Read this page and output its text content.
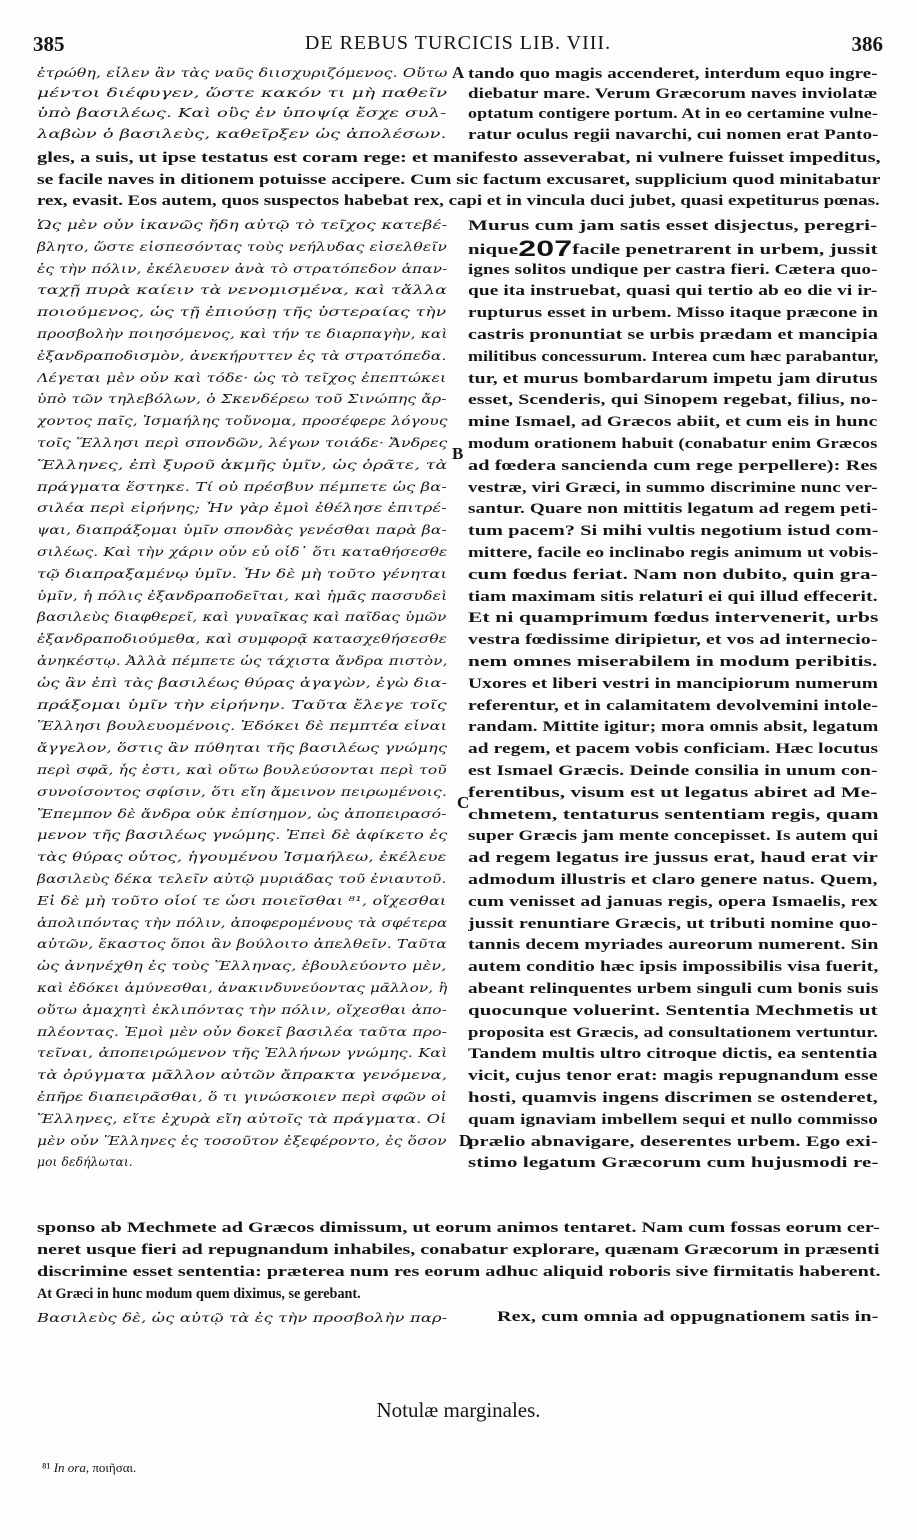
385	DE REBUS TURCICIS LIB. VIII.	386
ἐτρώθη, εἶλεν ἂν τὰς ναῦς διισχυριζόμενος. Οὕτω
μέντοι διέφυγεν, ὥστε κακόν τι μὴ παθεῖν
ὑπὸ βασιλέως. Καὶ οὓς ἐν ὑποψίᾳ ἔσχε συλ-
λαβὼν ὁ βασιλεὺς, καθεῖρξεν ὡς ἀπολέσων.
tando quo magis accenderet, interdum equo ingre-
diebatur mare. Verum Græcorum naves inviolatæ
optatum contigere portum. At in eo certamine vulne-
ratur oculus regii navarchi, cui nomen erat Panto-
gles, a suis, ut ipse testatus est coram rege: et manifesto asseverabat, ni vulnere fuisset impeditus,
se facile naves in ditionem potuisse accipere. Cum sic factum excusaret, supplicium quod minitabatur
rex, evasit. Eos autem, quos suspectos habebat rex, capi et in vincula duci jubet, quasi expetiturus pœnas.
Ὡς μὲν οὖν ἱκανῶς ἤδη αὐτῷ τὸ τεῖχος κατεβέ-
βλητο, ὥστε εἰσπεσόντας τοὺς νεήλυδας εἰσελθεῖν
ἐς τὴν πόλιν, ἐκέλευσεν ἀνὰ τὸ στρατόπεδον ἁπαν-
ταχῇ πυρὰ καίειν τὰ νενομισμένα, καὶ τἄλλα
ποιούμενος, ὡς τῇ ἐπιούσῃ τῆς ὑστεραίας τὴν
προσβολὴν ποιησόμενος, καὶ τήν τε διαρπαγὴν, καὶ
ἐξανδραποδισμὸν, ἀνεκήρυττεν ἐς τὰ στρατόπεδα.
Λέγεται μὲν οὖν καὶ τόδε· ὡς τὸ τεῖχος ἐπεπτώκει
ὑπὸ τῶν τηλεβόλων, ὁ Σκενδέρεω τοῦ Σινώπης ἄρ-
χοντος παῖς, Ἰσμαήλης τοὔνομα, προσέφερε λόγους
τοῖς Ἕλλησι περὶ σπονδῶν, λέγων τοιάδε· Ἄνδρες
Ἕλληνες, ἐπὶ ξυροῦ ἀκμῆς ὑμῖν, ὡς ὁρᾶτε, τὰ
πράγματα ἕστηκε. Τί οὐ πρέσβυν πέμπετε ὡς βα-
σιλέα περὶ εἰρήνης; Ἦν γὰρ ἐμοὶ ἐθέλησε ἐπιτρέ-
ψαι, διαπράξομαι ὑμῖν σπονδὰς γενέσθαι παρὰ βα-
σιλέως. Καὶ τὴν χάριν οὖν εὖ οἶδ᾽ ὅτι καταθήσεσθε
τῷ διαπραξαμένῳ ὑμῖν. Ἦν δὲ μὴ τοῦτο γένηται
ὑμῖν, ἡ πόλις ἐξανδραποδεῖται, καὶ ἡμᾶς πασσυδεὶ
βασιλεὺς διαφθερεῖ, καὶ γυναῖκας καὶ παῖδας ὑμῶν
ἐξανδραποδιούμεθα, καὶ συμφορᾷ κατασχεθήσεσθε
ἀνηκέστῳ. Ἀλλὰ πέμπετε ὡς τάχιστα ἄνδρα πιστὸν,
ὡς ἂν ἐπὶ τὰς βασιλέως θύρας ἀγαγὼν, ἐγὼ δια-
πράξομαι ὑμῖν τὴν εἰρήνην. Ταῦτα ἔλεγε τοῖς
Ἕλλησι βουλευομένοις. Ἐδόκει δὲ πεμπτέα εἶναι
ἄγγελον, ὅστις ἂν πύθηται τῆς βασιλέως γνώμης
περὶ σφᾶ, ἧς ἐστι, καὶ οὕτω βουλεύσονται περὶ τοῦ
συνοίσοντος σφίσιν, ὅτι εἴη ἄμεινον πειρωμένοις.
Ἔπεμπον δὲ ἄνδρα οὐκ ἐπίσημον, ὡς ἀποπειρασό-
μενον τῆς βασιλέως γνώμης. Ἐπεὶ δὲ ἀφίκετο ἐς
τὰς θύρας οὗτος, ἡγουμένου Ἰσμαήλεω, ἐκέλευε
βασιλεὺς δέκα τελεῖν αὐτῷ μυριάδας τοῦ ἐνιαυτοῦ.
Εἰ δὲ μὴ τοῦτο οἷοί τε ὦσι ποιεῖσθαι ⁸¹, οἴχεσθαι
ἀπολιπόντας τὴν πόλιν, ἀποφερομένους τὰ σφέτερα
αὐτῶν, ἕκαστος ὅποι ἂν βούλοιτο ἀπελθεῖν. Ταῦτα
ὡς ἀνηνέχθη ἐς τοὺς Ἕλληνας, ἐβουλεύοντο μὲν,
καὶ ἐδόκει ἀμύνεσθαι, ἀνακινδυνεύοντας μᾶλλον, ἢ
οὕτω ἀμαχητὶ ἐκλιπόντας τὴν πόλιν, οἴχεσθαι ἀπο-
πλέοντας. Ἐμοὶ μὲν οὖν δοκεῖ βασιλέα ταῦτα προ-
τεῖναι, ἀποπειρώμενον τῆς Ἑλλήνων γνώμης. Καὶ
τὰ ὀρύγματα μᾶλλον αὐτῶν ἄπρακτα γενόμενα,
ἐπῆρε διαπειρᾶσθαι, ὅ τι γινώσκοιεν περὶ σφῶν οἱ
Ἕλληνες, εἴτε ἐχυρὰ εἴη αὐτοῖς τὰ πράγματα. Οἱ
μὲν οὖν Ἕλληνες ἐς τοσοῦτον ἐξεφέροντο, ἐς ὅσον
μοι δεδήλωται.
Murus cum jam satis esset disjectus, peregri-
nique207facile penetrarent in urbem, jussit
ignes solitos undique per castra fieri. Cætera quo-
que ita instruebat, quasi qui tertio ab eo die vi ir-
rupturus esset in urbem. Misso itaque præcone in
castris pronuntiat se urbis prædam et mancipia
militibus concessurum. Interea cum hæc parabantur,
tur, et murus bombardarum impetu jam dirutus
esset, Scenderis, qui Sinopem regebat, filius, no-
mine Ismael, ad Græcos abiit, et cum eis in hunc
modum orationem habuit (conabatur enim Græcos
ad fœdera sancienda cum rege perpellere): Res
vestræ, viri Græci, in summo discrimine nunc ver-
santur. Quare non mittitis legatum ad regem peti-
tum pacem? Si mihi vultis negotium istud com-
mittere, facile eo inclinabo regis animum ut vobis-
cum fœdus feriat. Nam non dubito, quin gra-
tiam maximam sitis relaturi ei qui illud effecerit.
Et ni quamprimum fœdus intervenerit, urbs
vestra fœdissime diripietur, et vos ad internecio-
nem omnes miserabilem in modum peribitis.
Uxores et liberi vestri in mancipiorum numerum
referentur, et in calamitatem devolvemini intole-
randam. Mittite igitur; mora omnis absit, legatum
ad regem, et pacem vobis conficiam. Hæc locutus
est Ismael Græcis. Deinde consilia in unum con-
ferentibus, visum est ut legatus abiret ad Me-
chmetem, tentaturus sententiam regis, quam
super Græcis jam mente concepisset. Is autem qui
ad regem legatus ire jussus erat, haud erat vir
admodum illustris et claro genere natus. Quem,
cum venisset ad januas regis, opera Ismaelis, rex
jussit renuntiare Græcis, ut tributi nomine quo-
tannis decem myriades aureorum numerent. Sin
autem conditio hæc ipsis impossibilis visa fuerit,
abeant relinquentes urbem singuli cum bonis suis
quocunque voluerint. Sententia Mechmetis ut
proposita est Græcis, ad consultationem vertuntur.
Tandem multis ultro citroque dictis, ea sententia
vicit, cujus tenor erat: magis repugnandum esse
hosti, quamvis ingens discrimen se ostenderet,
quam ignaviam imbellem sequi et nullo commisso
prælio abnavigare, deserentes urbem. Ego exi-
stimo legatum Græcorum cum hujusmodi re-
sponso ab Mechmete ad Græcos dimissum, ut eorum animos tentaret. Nam cum fossas eorum cer-
neret usque fieri ad repugnandum inhabiles, conabatur explorare, quænam Græcorum in præsenti
discrimine esset sententia: præterea num res eorum adhuc aliquid roboris sive firmitatis haberent.
At Græci in hunc modum quem diximus, se gerebant.
Βασιλεὺς δὲ, ὡς αὐτῷ τὰ ἐς τὴν προσβολὴν παρ-	Rex, cum omnia ad oppugnationem satis in-
A
B
C
D
Notulæ marginales.
⁸¹ In ora, ποιῆσαι.
